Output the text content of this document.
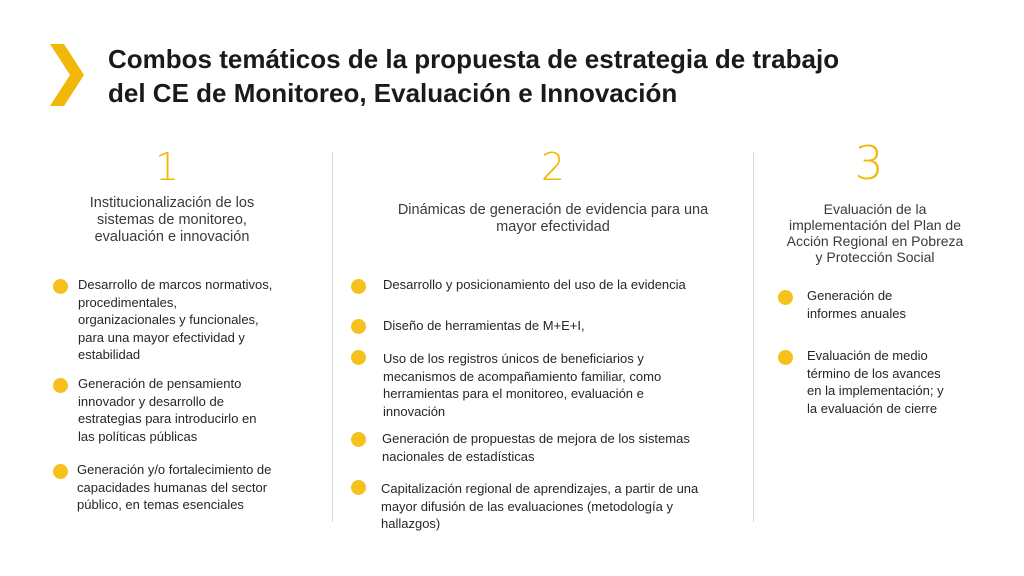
Combos temáticos de la propuesta de estrategia de trabajo
del CE de Monitoreo, Evaluación e Innovación
1
Institucionalización de los
sistemas de monitoreo,
evaluación e innovación
Desarrollo de marcos normativos,
procedimentales,
organizacionales y funcionales,
para una mayor efectividad y
estabilidad
Generación de pensamiento
innovador y desarrollo de
estrategias para introducirlo en
las políticas públicas
Generación y/o fortalecimiento de
capacidades humanas del sector
público, en temas esenciales
2
Dinámicas de generación de evidencia para una
mayor efectividad
Desarrollo y posicionamiento del uso de la evidencia
Diseño de herramientas de M+E+I,
Uso de los registros únicos de beneficiarios y
mecanismos de acompañamiento familiar, como
herramientas para el monitoreo, evaluación e
innovación
Generación de propuestas de mejora de los sistemas
nacionales de estadísticas
Capitalización regional de aprendizajes, a partir de una
mayor difusión de las evaluaciones (metodología y
hallazgos)
3
Evaluación de la
implementación del Plan de
Acción Regional en Pobreza
y Protección Social
Generación de
informes anuales
Evaluación de medio
término de los avances
en la implementación; y
la evaluación de cierre
